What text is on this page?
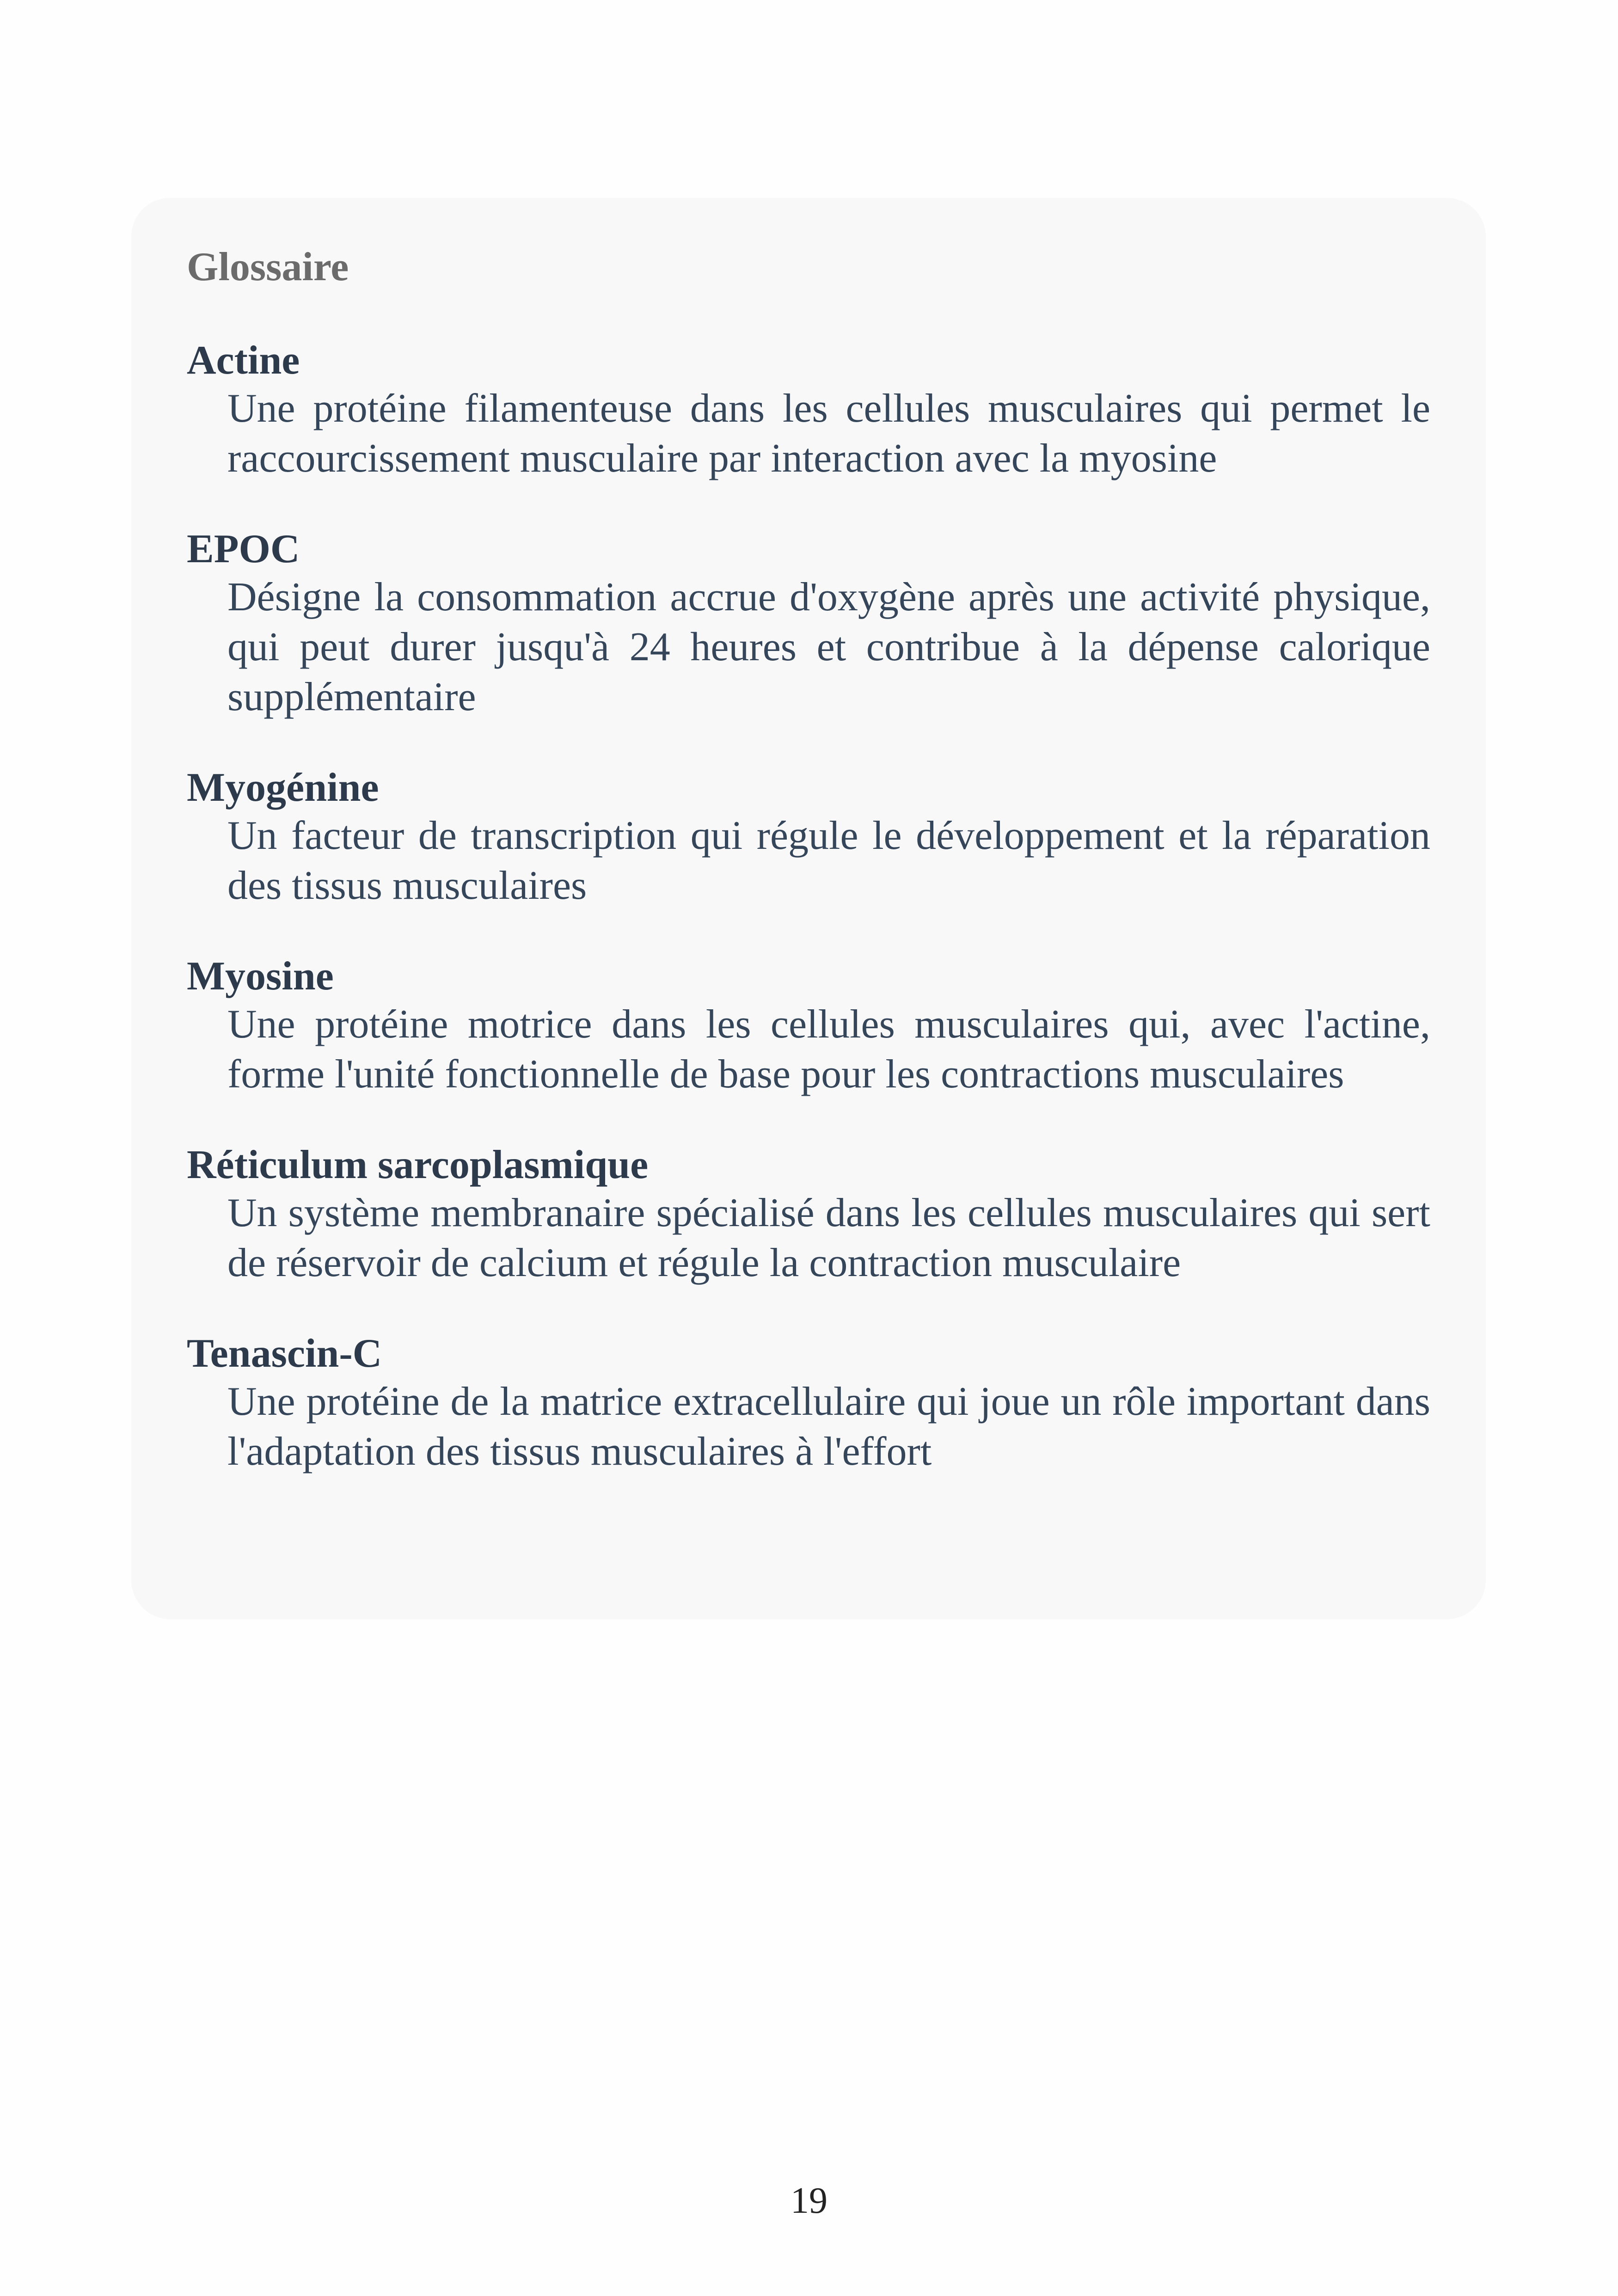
Glossaire

Actine

Une protéine filamenteuse dans les cellules musculaires qui permet le raccourcissement musculaire par interaction avec la myosine

EPOC

Désigne la consommation accrue d'oxygène après une activité physique, qui peut durer jusqu'à 24 heures et contribue à la dépense calorique supplémentaire

Myogénine

Un facteur de transcription qui régule le développement et la réparation des tissus musculaires

Myosine

Une protéine motrice dans les cellules musculaires qui, avec l'actine, forme l'unité fonctionnelle de base pour les contractions musculaires

Réticulum sarcoplasmique

Un système membranaire spécialisé dans les cellules musculaires qui sert de réservoir de calcium et régule la contraction musculaire

Tenascin-C

Une protéine de la matrice extracellulaire qui joue un rôle important dans l'adaptation des tissus musculaires à l'effort

19
